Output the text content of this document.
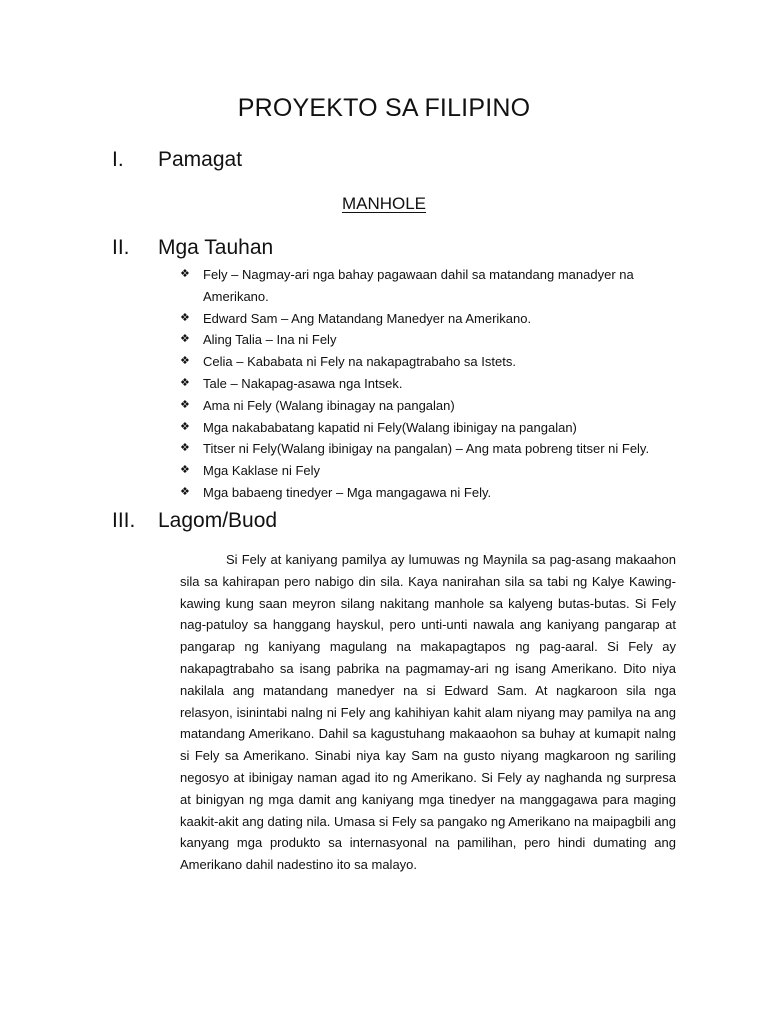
PROYEKTO SA FILIPINO
I.	Pamagat
MANHOLE
II.	Mga Tauhan
❖ Fely – Nagmay-ari nga bahay pagawaan dahil sa matandang manadyer na Amerikano.
❖ Edward Sam – Ang Matandang Manedyer na Amerikano.
❖ Aling Talia – Ina ni Fely
❖ Celia – Kababata ni Fely na nakapagtrabaho sa Istets.
❖ Tale – Nakapag-asawa nga Intsek.
❖ Ama ni Fely (Walang ibinagay na pangalan)
❖ Mga nakababatang kapatid ni Fely(Walang ibinigay na pangalan)
❖ Titser ni Fely(Walang ibinigay na pangalan) – Ang mata pobreng titser ni Fely.
❖ Mga Kaklase ni Fely
❖ Mga babaeng tinedyer – Mga mangagawa ni Fely.
III.	Lagom/Buod

Si Fely at kaniyang pamilya ay lumuwas ng Maynila sa pag-asang makaahon sila sa kahirapan pero nabigo din sila. Kaya nanirahan sila sa tabi ng Kalye Kawing-kawing kung saan meyron silang nakitang manhole sa kalyeng butas-butas. Si Fely nag-patuloy sa hanggang hayskul, pero unti-unti nawala ang kaniyang pangarap at pangarap ng kaniyang magulang na makapagtapos ng pag-aaral. Si Fely ay nakapagtrabaho sa isang pabrika na pagmamay-ari ng isang Amerikano. Dito niya nakilala ang matandang manedyer na si Edward Sam. At nagkaroon sila nga relasyon, isinintabi nalng ni Fely ang kahihiyan kahit alam niyang may pamilya na ang matandang Amerikano. Dahil sa kagustuhang makaaohon sa buhay at kumapit nalng si Fely sa Amerikano. Sinabi niya kay Sam na gusto niyang magkaroon ng sariling negosyo at ibinigay naman agad ito ng Amerikano. Si Fely ay naghanda ng surpresa at binigyan ng mga damit ang kaniyang mga tinedyer na manggagawa para maging kaakit-akit ang dating nila. Umasa si Fely sa pangako ng Amerikano na maipagbili ang kanyang mga produkto sa internasyonal na pamilihan, pero hindi dumating ang Amerikano dahil nadestino ito sa malayo.
